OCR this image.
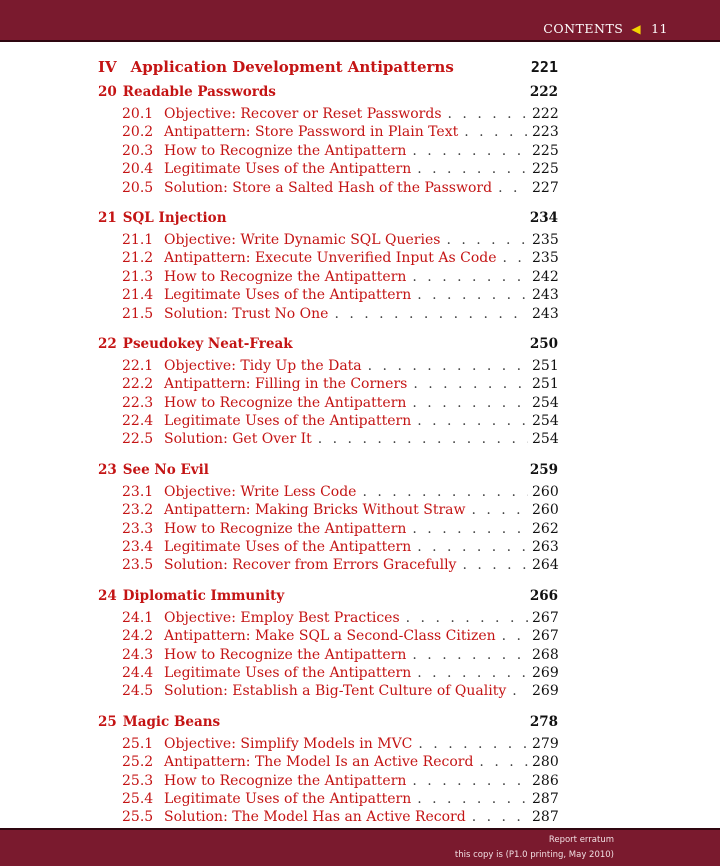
CONTENTS ◀ 11
IV Application Development Antipatterns	221
20 Readable Passwords	222
20.1 Objective: Recover or Reset Passwords . . .	222
20.2 Antipattern: Store Password in Plain Text . . .	223
20.3 How to Recognize the Antipattern . . .	225
20.4 Legitimate Uses of the Antipattern . . .	225
20.5 Solution: Store a Salted Hash of the Password . . .	227
21 SQL Injection	234
21.1 Objective: Write Dynamic SQL Queries . . .	235
21.2 Antipattern: Execute Unverified Input As Code . . .	235
21.3 How to Recognize the Antipattern . . .	242
21.4 Legitimate Uses of the Antipattern . . .	243
21.5 Solution: Trust No One . . .	243
22 Pseudokey Neat-Freak	250
22.1 Objective: Tidy Up the Data . . .	251
22.2 Antipattern: Filling in the Corners . . .	251
22.3 How to Recognize the Antipattern . . .	254
22.4 Legitimate Uses of the Antipattern . . .	254
22.5 Solution: Get Over It . . .	254
23 See No Evil	259
23.1 Objective: Write Less Code . . .	260
23.2 Antipattern: Making Bricks Without Straw . . .	260
23.3 How to Recognize the Antipattern . . .	262
23.4 Legitimate Uses of the Antipattern . . .	263
23.5 Solution: Recover from Errors Gracefully . . .	264
24 Diplomatic Immunity	266
24.1 Objective: Employ Best Practices . . .	267
24.2 Antipattern: Make SQL a Second-Class Citizen . . .	267
24.3 How to Recognize the Antipattern . . .	268
24.4 Legitimate Uses of the Antipattern . . .	269
24.5 Solution: Establish a Big-Tent Culture of Quality . . . 269
25 Magic Beans	278
25.1 Objective: Simplify Models in MVC . . .	279
25.2 Antipattern: The Model Is an Active Record . . .	280
25.3 How to Recognize the Antipattern . . .	286
25.4 Legitimate Uses of the Antipattern . . .	287
25.5 Solution: The Model Has an Active Record . . .	287
Report erratum
this copy is (P1.0 printing, May 2010)
